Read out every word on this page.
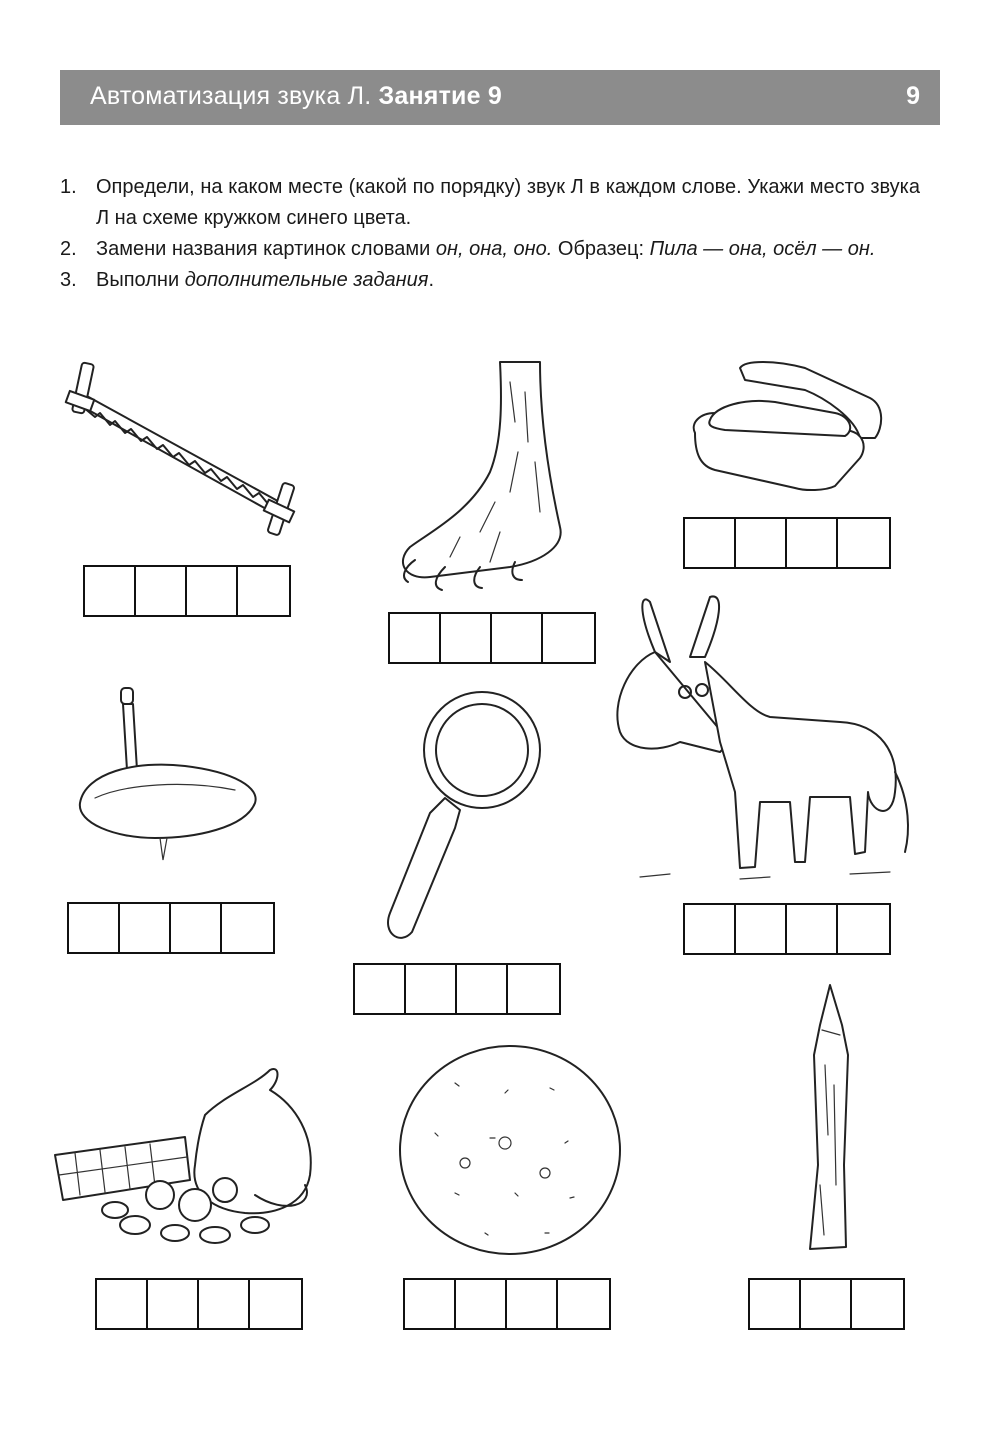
Автоматизация звука Л. Занятие 9	9
1. Определи, на каком месте (какой по порядку) звук Л в каждом слове. Укажи место звука Л на схеме кружком синего цвета.
2. Замени названия картинок словами он, она, оно. Образец: Пила — она, осёл — он.
3. Выполни дополнительные задания.
